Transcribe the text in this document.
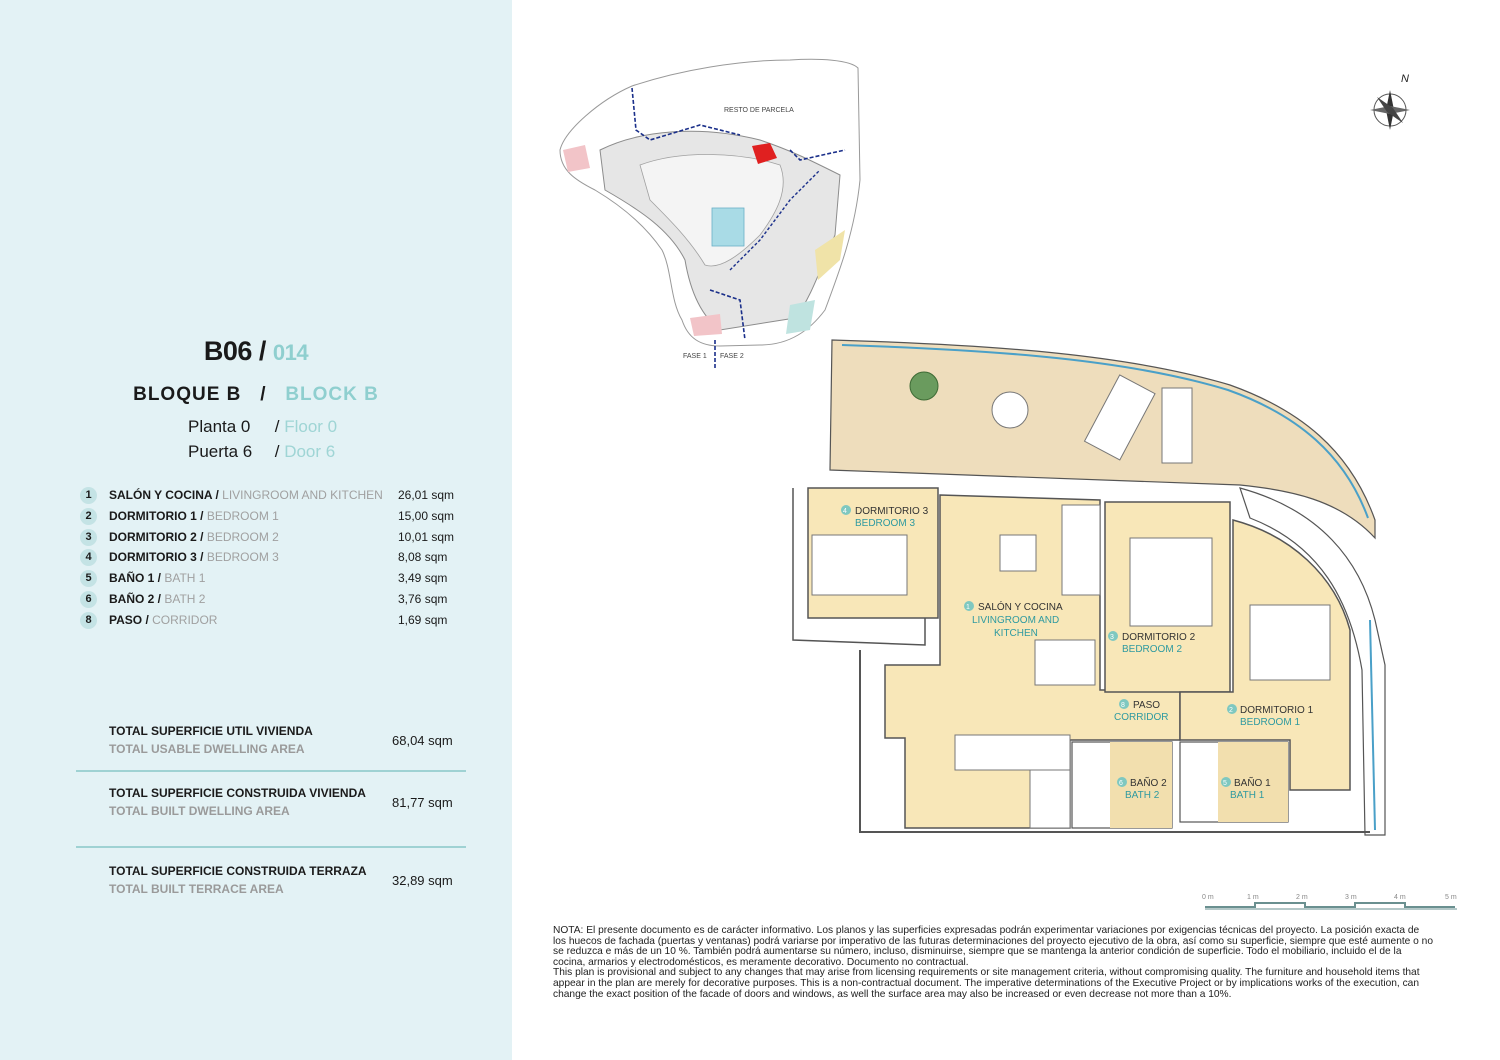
B06 / 014
BLOQUE B   /   BLOCK B
Planta 0 / Floor 0
Puerta 6 / Door 6
1	SALÓN Y COCINA / LIVINGROOM AND KITCHEN 26,01 sqm
2	DORMITORIO 1 / BEDROOM 1	15,00 sqm
3	DORMITORIO 2 / BEDROOM 2	10,01 sqm
4	DORMITORIO 3 / BEDROOM 3	8,08 sqm
5	BAÑO 1 / BATH 1	3,49 sqm
6	BAÑO 2 / BATH 2	3,76 sqm
8	PASO / CORRIDOR	1,69 sqm
TOTAL SUPERFICIE UTIL VIVIENDA
TOTAL USABLE DWELLING AREA
68,04 sqm
TOTAL SUPERFICIE CONSTRUIDA VIVIENDA
TOTAL BUILT DWELLING AREA
81,77 sqm
TOTAL SUPERFICIE CONSTRUIDA TERRAZA
TOTAL BUILT TERRACE AREA
32,89 sqm
RESTO DE PARCELA
FASE 1 FASE 2
N
4 DORMITORIO 3
BEDROOM 3
1 SALÓN Y COCINA
LIVINGROOM AND
KITCHEN	3 DORMITORIO 2
BEDROOM 2
8 PASO
CORRIDOR
2 DORMITORIO 1
BEDROOM 1
6 BAÑO 2
BATH 2
5 BAÑO 1
BATH 1
0 m	1 m	2 m	3 m	4 m	5 m

NOTA: El presente documento es de carácter informativo. Los planos y las superficies expresadas podrán experimentar variaciones por exigencias técnicas del proyecto. La posición exacta de los huecos de fachada (puertas y ventanas) podrá variarse por imperativo de las futuras determinaciones del proyecto ejecutivo de la obra, así como su superficie, siempre que esté aumente o no se reduzca e más de un 10 %. También podrá aumentarse su número, incluso, disminuirse, siempre que se mantenga la anterior condición de superficie. Todo el mobiliario, incluido el de la cocina, armarios y electrodomésticos, es meramente decorativo. Documento no contractual.

This plan is provisional and subject to any changes that may arise from licensing requirements or site management criteria, without compromising quality. The furniture and household items that appear in the plan are merely for decorative purposes. This is a non-contractual document. The imperative determinations of the Executive Project or by implications works of the execution, can change the exact position of the facade of doors and windows, as well the surface area may also be increased or even decrease not more than a 10%.
